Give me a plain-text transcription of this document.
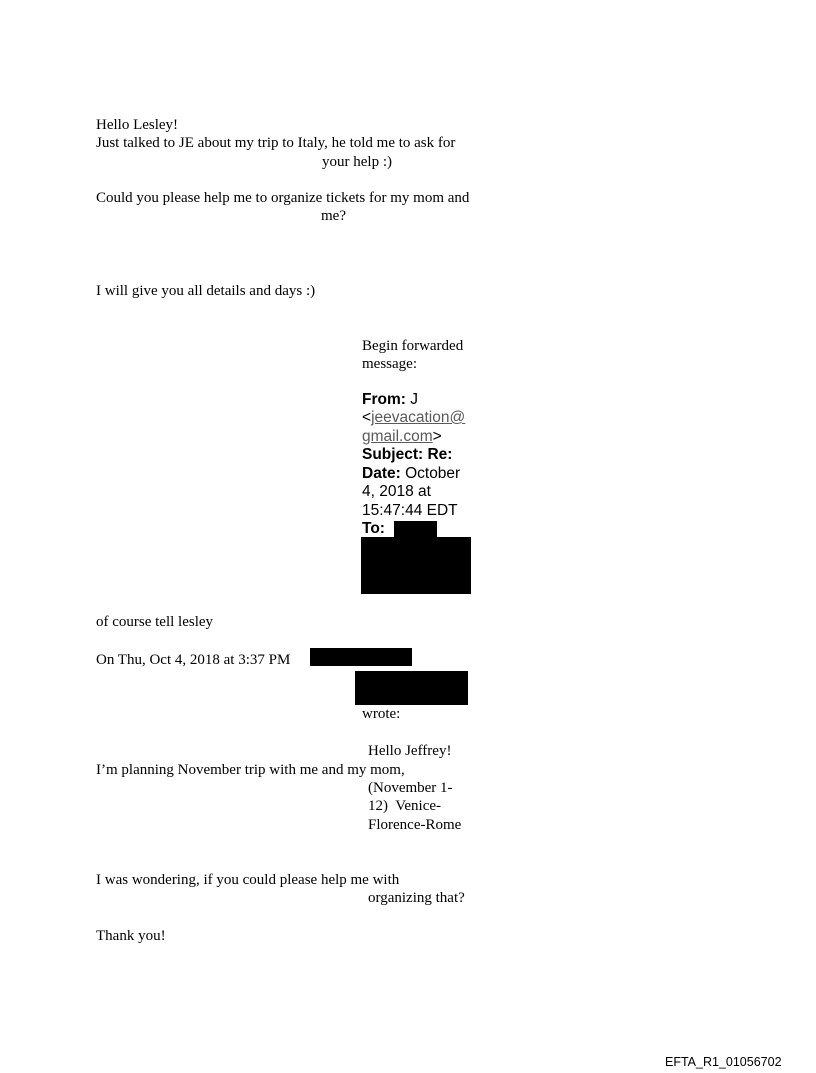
Hello Lesley!
Just talked to JE about my trip to Italy, he told me to ask for
your help :)
Could you please help me to organize tickets for my mom and
me?
I will give you all details and days :)
Begin forwarded
message:
From: J
<jeevacation@
gmail.com>
Subject: Re:
Date: October
4, 2018 at
15:47:44 EDT
To:
of course tell lesley
On Thu, Oct 4, 2018 at 3:37 PM
wrote:
Hello Jeffrey!
I’m planning November trip with me and my mom,
(November 1-
12)  Venice-
Florence-Rome
I was wondering, if you could please help me with
organizing that?
Thank you!
EFTA_R1_01056702
